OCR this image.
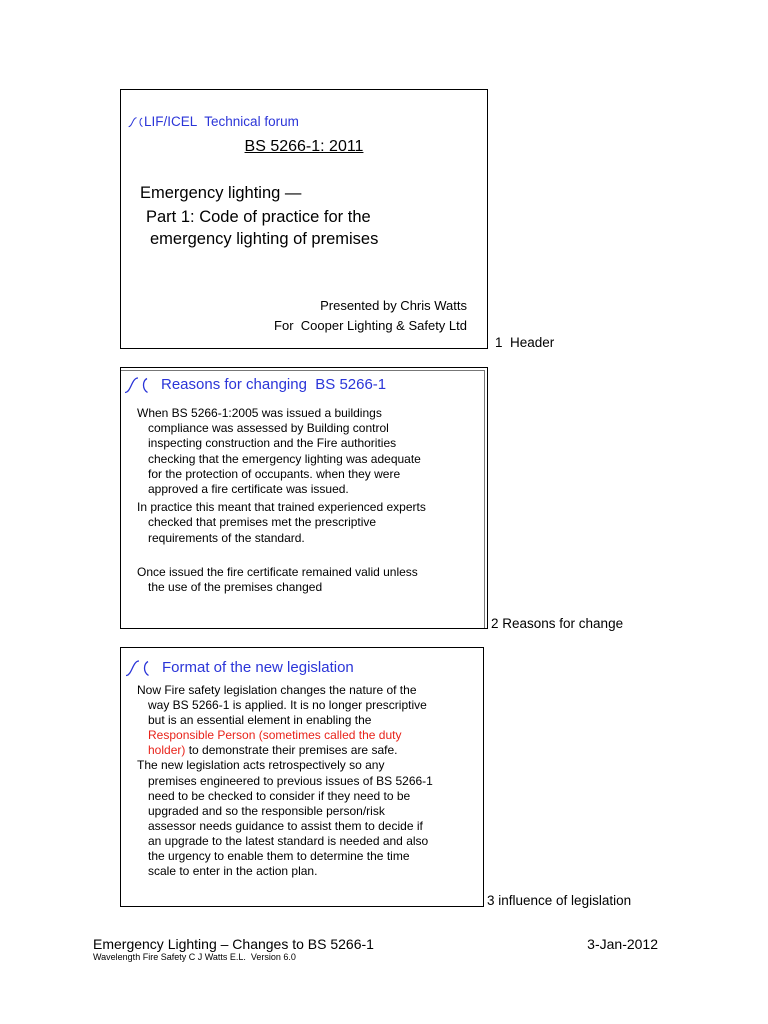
LIF/ICEL Technical forum
BS 5266-1: 2011
Emergency lighting —
Part 1: Code of practice for the
emergency lighting of premises
Presented by Chris Watts
For  Cooper Lighting & Safety Ltd
1  Header
Reasons for changing  BS 5266-1
When BS 5266-1:2005 was issued a buildings
compliance was assessed by Building control
inspecting construction and the Fire authorities
checking that the emergency lighting was adequate
for the protection of occupants. when they were
approved a fire certificate was issued.
In practice this meant that trained experienced experts
checked that premises met the prescriptive
requirements of the standard.
Once issued the fire certificate remained valid unless
the use of the premises changed
2 Reasons for change
Format of the new legislation
Now Fire safety legislation changes the nature of the
way BS 5266-1 is applied. It is no longer prescriptive
but is an essential element in enabling the
Responsible Person (sometimes called the duty
holder) to demonstrate their premises are safe.
The new legislation acts retrospectively so any
premises engineered to previous issues of BS 5266-1
need to be checked to consider if they need to be
upgraded and so the responsible person/risk
assessor needs guidance to assist them to decide if
an upgrade to the latest standard is needed and also
the urgency to enable them to determine the time
scale to enter in the action plan.
3 influence of legislation
Emergency Lighting – Changes to BS 5266-1	3-Jan-2012
Wavelength Fire Safety C J Watts E.L.  Version 6.0
